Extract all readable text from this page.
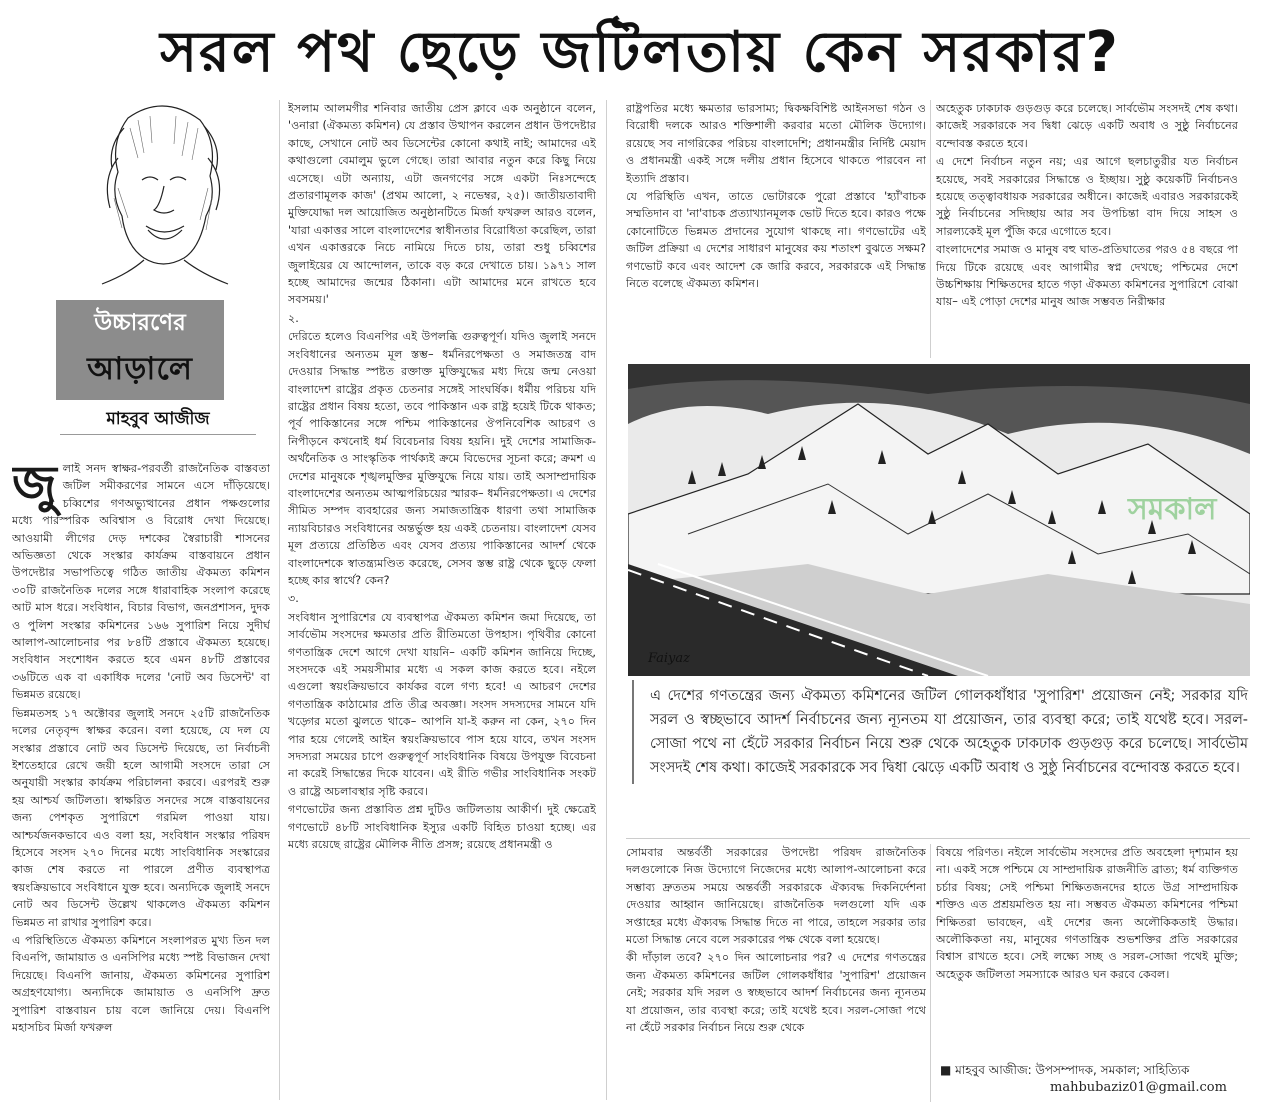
সরল পথ ছেড়ে জটিলতায় কেন সরকার?
উচ্চারণের
আড়ালে
মাহবুব আজীজ

জুলাই সনদ স্বাক্ষর-পরবর্তী রাজনৈতিক বাস্তবতা জটিল সমীকরণের সামনে এসে দাঁড়িয়েছে। চব্বিশের গণঅভ্যুত্থানের প্রধান পক্ষগুলোর মধ্যে পারস্পরিক অবিশ্বাস ও বিরোধ দেখা দিয়েছে। আওয়ামী লীগের দেড় দশকের স্বৈরাচারী শাসনের অভিজ্ঞতা থেকে সংস্কার কার্যক্রম বাস্তবায়নে প্রধান উপদেষ্টার সভাপতিত্বে গঠিত জাতীয় ঐকমত্য কমিশন ৩০টি রাজনৈতিক দলের সঙ্গে ধারাবাহিক সংলাপ করেছে আট মাস ধরে। সংবিধান, বিচার বিভাগ, জনপ্রশাসন, দুদক ও পুলিশ সংস্কার কমিশনের ১৬৬ সুপারিশ নিয়ে সুদীর্ঘ আলাপ-আলোচনার পর ৮৪টি প্রস্তাবে ঐকমত্য হয়েছে। সংবিধান সংশোধন করতে হবে এমন ৪৮টি প্রস্তাবের ৩৬টিতে এক বা একাধিক দলের 'নোট অব ডিসেন্ট' বা ভিন্নমত রয়েছে।

ভিন্নমতসহ ১৭ অক্টোবর জুলাই সনদে ২৫টি রাজনৈতিক দলের নেতৃবৃন্দ স্বাক্ষর করেন। বলা হয়েছে, যে দল যে সংস্কার প্রস্তাবে নোট অব ডিসেন্ট দিয়েছে, তা নির্বাচনী ইশতেহারে রেখে জয়ী হলে আগামী সংসদে তারা সে অনুযায়ী সংস্কার কার্যক্রম পরিচালনা করবে। এরপরই শুরু হয় আশ্চর্য জটিলতা। স্বাক্ষরিত সনদের সঙ্গে বাস্তবায়নের জন্য পেশকৃত সুপারিশে গরমিল পাওয়া যায়। আশ্চর্যজনকভাবে এও বলা হয়, সংবিধান সংস্কার পরিষদ হিসেবে সংসদ ২৭০ দিনের মধ্যে সাংবিধানিক সংস্কারের কাজ শেষ করতে না পারলে প্রণীত ব্যবস্থাপত্র স্বয়ংক্রিয়ভাবে সংবিধানে যুক্ত হবে। অন্যদিকে জুলাই সনদে নোট অব ডিসেন্ট উল্লেখ থাকলেও ঐকমত্য কমিশন ভিন্নমত না রাখার সুপারিশ করে।

এ পরিস্থিতিতে ঐকমত্য কমিশনে সংলাপরত মুখ্য তিন দল বিএনপি, জামায়াত ও এনসিপির মধ্যে স্পষ্ট বিভাজন দেখা দিয়েছে। বিএনপি জানায়, ঐকমত্য কমিশনের সুপারিশ অগ্রহণযোগ্য। অন্যদিকে জামায়াত ও এনসিপি দ্রুত সুপারিশ বাস্তবায়ন চায় বলে জানিয়ে দেয়। বিএনপি মহাসচিব মির্জা ফখরুল

ইসলাম আলমগীর শনিবার জাতীয় প্রেস ক্লাবে এক অনুষ্ঠানে বলেন, 'ওনারা (ঐকমত্য কমিশন) যে প্রস্তাব উত্থাপন করলেন প্রধান উপদেষ্টার কাছে, সেখানে নোট অব ডিসেন্টের কোনো কথাই নাই; আমাদের এই কথাগুলো বেমালুম ভুলে গেছে। তারা আবার নতুন করে কিছু নিয়ে এসেছে। এটা অন্যায়, এটা জনগণের সঙ্গে একটা নিঃসন্দেহে প্রতারণামূলক কাজ' (প্রথম আলো, ২ নভেম্বর, ২৫)। জাতীয়তাবাদী মুক্তিযোদ্ধা দল আয়োজিত অনুষ্ঠানটিতে মির্জা ফখরুল আরও বলেন, 'যারা একাত্তর সালে বাংলাদেশের স্বাধীনতার বিরোধিতা করেছিল, তারা এখন একাত্তরকে নিচে নামিয়ে দিতে চায়, তারা শুধু চব্বিশের জুলাইয়ের যে আন্দোলন, তাকে বড় করে দেখাতে চায়। ১৯৭১ সাল হচ্ছে আমাদের জন্মের ঠিকানা। এটা আমাদের মনে রাখতে হবে সবসময়।'

২.

দেরিতে হলেও বিএনপির এই উপলব্ধি গুরুত্বপূর্ণ। যদিও জুলাই সনদে সংবিধানের অন্যতম মূল স্তম্ভ– ধর্মনিরপেক্ষতা ও সমাজতন্ত্র বাদ দেওয়ার সিদ্ধান্ত স্পষ্টত রক্তাক্ত মুক্তিযুদ্ধের মধ্য দিয়ে জন্ম নেওয়া বাংলাদেশ রাষ্ট্রের প্রকৃত চেতনার সঙ্গেই সাংঘর্ষিক। ধর্মীয় পরিচয় যদি রাষ্ট্রের প্রধান বিষয় হতো, তবে পাকিস্তান এক রাষ্ট্র হয়েই টিকে থাকত; পূর্ব পাকিস্তানের সঙ্গে পশ্চিম পাকিস্তানের ঔপনিবেশিক আচরণ ও নিপীড়নে কখনোই ধর্ম বিবেচনার বিষয় হয়নি। দুই দেশের সামাজিক-অর্থনৈতিক ও সাংস্কৃতিক পার্থক্যই ক্রমে বিভেদের সূচনা করে; ক্রমশ এ দেশের মানুষকে শৃঙ্খলমুক্তির মুক্তিযুদ্ধে নিয়ে যায়। তাই অসাম্প্রদায়িক বাংলাদেশের অন্যতম আত্মপরিচয়ের স্মারক– ধর্মনিরপেক্ষতা। এ দেশের সীমিত সম্পদ ব্যবহারের জন্য সমাজতান্ত্রিক ধারণা তথা সামাজিক ন্যায়বিচারও সংবিধানের অন্তর্ভুক্ত হয় একই চেতনায়। বাংলাদেশ যেসব মূল প্রত্যয়ে প্রতিষ্ঠিত এবং যেসব প্রত্যয় পাকিস্তানের আদর্শ থেকে বাংলাদেশকে স্বাতন্ত্র্যমণ্ডিত করেছে, সেসব স্তম্ভ রাষ্ট্র থেকে ছুড়ে ফেলা হচ্ছে কার স্বার্থে? কেন?

৩.

সংবিধান সুপারিশের যে ব্যবস্থাপত্র ঐকমত্য কমিশন জমা দিয়েছে, তা সার্বভৌম সংসদের ক্ষমতার প্রতি রীতিমতো উপহাস। পৃথিবীর কোনো গণতান্ত্রিক দেশে আগে দেখা যায়নি– একটি কমিশন জানিয়ে দিচ্ছে, সংসদকে এই সময়সীমার মধ্যে এ সকল কাজ করতে হবে। নইলে এগুলো স্বয়ংক্রিয়ভাবে কার্যকর বলে গণ্য হবে! এ আচরণ দেশের গণতান্ত্রিক কাঠামোর প্রতি তীব্র অবজ্ঞা। সংসদ সদস্যদের সামনে যদি খড়্গের মতো ঝুলতে থাকে– আপনি যা-ই করুন না কেন, ২৭০ দিন পার হয়ে গেলেই আইন স্বয়ংক্রিয়ভাবে পাস হয়ে যাবে, তখন সংসদ সদস্যরা সময়ের চাপে গুরুত্বপূর্ণ সাংবিধানিক বিষয়ে উপযুক্ত বিবেচনা না করেই সিদ্ধান্তের দিকে যাবেন। এই রীতি গভীর সাংবিধানিক সংকট ও রাষ্ট্রে অচলাবস্থার সৃষ্টি করবে।

গণভোটের জন্য প্রস্তাবিত প্রশ্ন দুটিও জটিলতায় আকীর্ণ। দুই ক্ষেত্রেই গণভোটে ৪৮টি সাংবিধানিক ইস্যুর একটি বিহিত চাওয়া হচ্ছে। এর মধ্যে রয়েছে রাষ্ট্রের মৌলিক নীতি প্রসঙ্গ; রয়েছে প্রধানমন্ত্রী ও

রাষ্ট্রপতির মধ্যে ক্ষমতার ভারসাম্য; দ্বিকক্ষবিশিষ্ট আইনসভা গঠন ও বিরোধী দলকে আরও শক্তিশালী করবার মতো মৌলিক উদ্যোগ। রয়েছে সব নাগরিকের পরিচয় বাংলাদেশি; প্রধানমন্ত্রীর নির্দিষ্ট মেয়াদ ও প্রধানমন্ত্রী একই সঙ্গে দলীয় প্রধান হিসেবে থাকতে পারবেন না ইত্যাদি প্রস্তাব।

যে পরিস্থিতি এখন, তাতে ভোটারকে পুরো প্রস্তাবে 'হ্যাঁ'বাচক সম্মতিদান বা 'না'বাচক প্রত্যাখ্যানমূলক ভোট দিতে হবে। কারও পক্ষে কোনোটিতে ভিন্নমত প্রদানের সুযোগ থাকছে না। গণভোটের এই জটিল প্রক্রিয়া এ দেশের সাধারণ মানুষের কয় শতাংশ বুঝতে সক্ষম? গণভোট কবে এবং আদেশ কে জারি করবে, সরকারকে এই সিদ্ধান্ত নিতে বলেছে ঐকমত্য কমিশন।

অহেতুক ঢাকঢাক গুড়গুড় করে চলেছে। সার্বভৌম সংসদই শেষ কথা। কাজেই সরকারকে সব দ্বিধা ঝেড়ে একটি অবাধ ও সুষ্ঠু নির্বাচনের বন্দোবস্ত করতে হবে।

এ দেশে নির্বাচন নতুন নয়; এর আগে ছলচাতুরীর যত নির্বাচন হয়েছে, সবই সরকারের সিদ্ধান্তে ও ইচ্ছায়। সুষ্ঠু কয়েকটি নির্বাচনও হয়েছে তত্ত্বাবধায়ক সরকারের অধীনে। কাজেই এবারও সরকারকেই সুষ্ঠু নির্বাচনের সদিচ্ছায় আর সব উপচিন্তা বাদ দিয়ে সাহস ও সারল্যকেই মূল পুঁজি করে এগোতে হবে।

বাংলাদেশের সমাজ ও মানুষ বহু ঘাত-প্রতিঘাতের পরও ৫৪ বছরে পা দিয়ে টিকে রয়েছে এবং আগামীর স্বপ্ন দেখছে; পশ্চিমের দেশে উচ্চশিক্ষায় শিক্ষিতদের হাতে গড়া ঐকমত্য কমিশনের সুপারিশে বোঝা যায়– এই পোড়া দেশের মানুষ আজ সম্ভবত নিরীক্ষার

সমকাল
Faiyaz
এ দেশের গণতন্ত্রের জন্য ঐকমত্য কমিশনের জটিল গোলকধাঁধার 'সুপারিশ' প্রয়োজন নেই; সরকার যদি সরল ও স্বচ্ছভাবে আদর্শ নির্বাচনের জন্য ন্যূনতম যা প্রয়োজন, তার ব্যবস্থা করে; তাই যথেষ্ট হবে। সরল-সোজা পথে না হেঁটে সরকার নির্বাচন নিয়ে শুরু থেকে অহেতুক ঢাকঢাক গুড়গুড় করে চলেছে। সার্বভৌম সংসদই শেষ কথা। কাজেই সরকারকে সব দ্বিধা ঝেড়ে একটি অবাধ ও সুষ্ঠু নির্বাচনের বন্দোবস্ত করতে হবে।

সোমবার অন্তর্বর্তী সরকারের উপদেষ্টা পরিষদ রাজনৈতিক দলগুলোকে নিজ উদ্যোগে নিজেদের মধ্যে আলাপ-আলোচনা করে সম্ভাব্য দ্রুততম সময়ে অন্তর্বর্তী সরকারকে ঐক্যবদ্ধ দিকনির্দেশনা দেওয়ার আহ্বান জানিয়েছে। রাজনৈতিক দলগুলো যদি এক সপ্তাহের মধ্যে ঐক্যবদ্ধ সিদ্ধান্ত দিতে না পারে, তাহলে সরকার তার মতো সিদ্ধান্ত নেবে বলে সরকারের পক্ষ থেকে বলা হয়েছে।

কী দাঁড়াল তবে? ২৭০ দিন আলোচনার পর? এ দেশের গণতন্ত্রের জন্য ঐকমত্য কমিশনের জটিল গোলকধাঁধার 'সুপারিশ' প্রয়োজন নেই; সরকার যদি সরল ও স্বচ্ছভাবে আদর্শ নির্বাচনের জন্য ন্যূনতম যা প্রয়োজন, তার ব্যবস্থা করে; তাই যথেষ্ট হবে। সরল-সোজা পথে না হেঁটে সরকার নির্বাচন নিয়ে শুরু থেকে

বিষয়ে পরিণত। নইলে সার্বভৌম সংসদের প্রতি অবহেলা দৃশ্যমান হয় না। একই সঙ্গে পশ্চিমে যে সাম্প্রদায়িক রাজনীতি ব্রাত্য; ধর্ম ব্যক্তিগত চর্চার বিষয়; সেই পশ্চিমা শিক্ষিতজনদের হাতে উগ্র সাম্প্রদায়িক শক্তিও এত প্রশ্রয়মণ্ডিত হয় না। সম্ভবত ঐকমত্য কমিশনের পশ্চিমা শিক্ষিতরা ভাবছেন, এই দেশের জন্য অলৌকিকতাই উদ্ধার। অলৌকিকতা নয়, মানুষের গণতান্ত্রিক শুভশক্তির প্রতি সরকারের বিশ্বাস রাখতে হবে। সেই লক্ষ্যে সচ্ছ ও সরল-সোজা পথেই মুক্তি; অহেতুক জটিলতা সমস্যাকে আরও ঘন করবে কেবল।

■ মাহবুব আজীজ: উপসম্পাদক, সমকাল; সাহিত্যিক
mahbubaziz01@gmail.com
